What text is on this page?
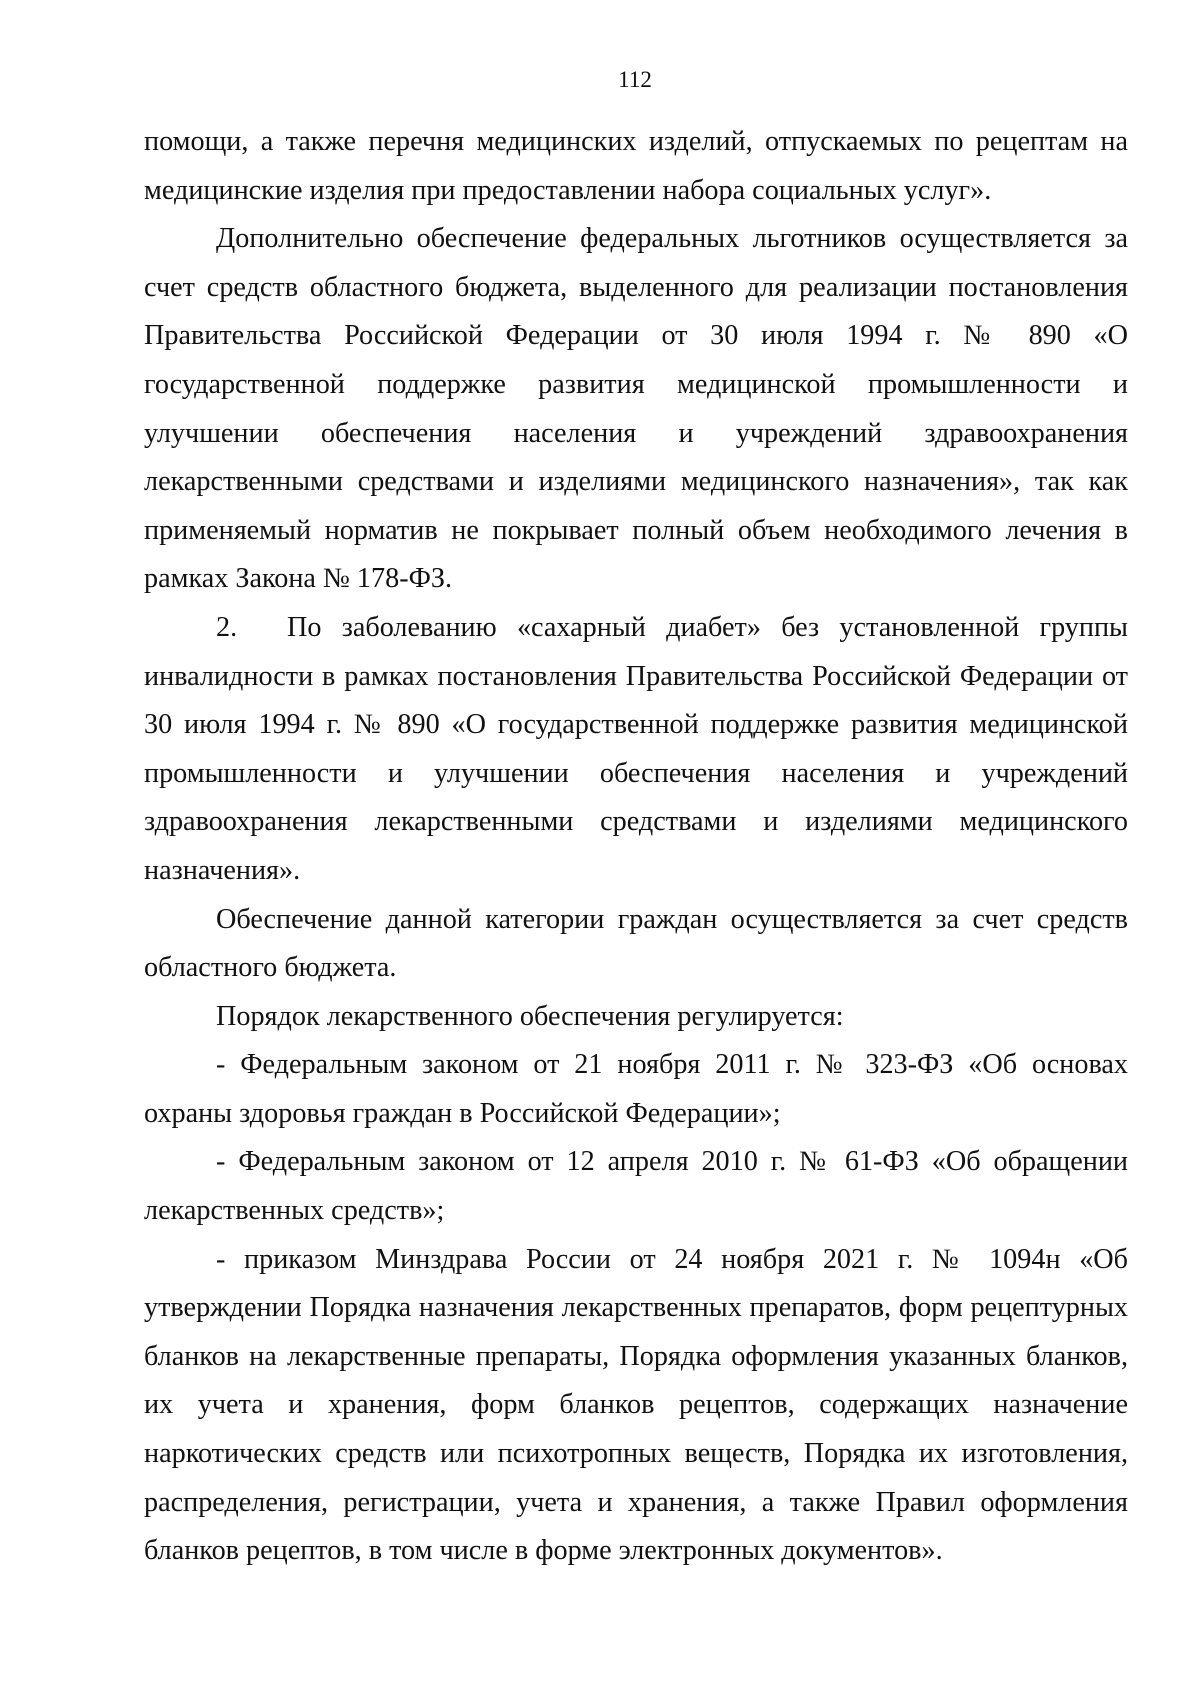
112

помощи, а также перечня медицинских изделий, отпускаемых по рецептам на медицинские изделия при предоставлении набора социальных услуг».

Дополнительно обеспечение федеральных льготников осуществляется за счет средств областного бюджета, выделенного для реализации постановления Правительства Российской Федерации от 30 июля 1994 г. № 890 «О государственной поддержке развития медицинской промышленности и улучшении обеспечения населения и учреждений здравоохранения лекарственными средствами и изделиями медицинского назначения», так как применяемый норматив не покрывает полный объем необходимого лечения в рамках Закона № 178-ФЗ.

2. По заболеванию «сахарный диабет» без установленной группы инвалидности в рамках постановления Правительства Российской Федерации от 30 июля 1994 г. № 890 «О государственной поддержке развития медицинской промышленности и улучшении обеспечения населения и учреждений здравоохранения лекарственными средствами и изделиями медицинского назначения».

Обеспечение данной категории граждан осуществляется за счет средств областного бюджета.

Порядок лекарственного обеспечения регулируется:

- Федеральным законом от 21 ноября 2011 г. № 323-ФЗ «Об основах охраны здоровья граждан в Российской Федерации»;

- Федеральным законом от 12 апреля 2010 г. № 61-ФЗ «Об обращении лекарственных средств»;

- приказом Минздрава России от 24 ноября 2021 г. № 1094н «Об утверждении Порядка назначения лекарственных препаратов, форм рецептурных бланков на лекарственные препараты, Порядка оформления указанных бланков, их учета и хранения, форм бланков рецептов, содержащих назначение наркотических средств или психотропных веществ, Порядка их изготовления, распределения, регистрации, учета и хранения, а также Правил оформления бланков рецептов, в том числе в форме электронных документов».
